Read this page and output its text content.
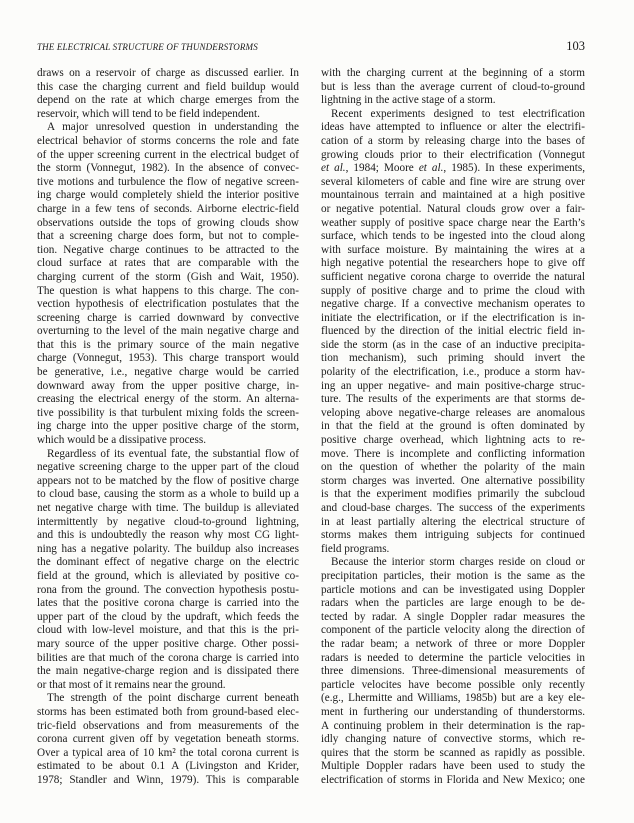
THE ELECTRICAL STRUCTURE OF THUNDERSTORMS	103
draws on a reservoir of charge as discussed earlier. In
this case the charging current and field buildup would
depend on the rate at which charge emerges from the
reservoir, which will tend to be field independent.
A major unresolved question in understanding the
electrical behavior of storms concerns the role and fate
of the upper screening current in the electrical budget of
the storm (Vonnegut, 1982). In the absence of convec-
tive motions and turbulence the flow of negative screen-
ing charge would completely shield the interior positive
charge in a few tens of seconds. Airborne electric-field
observations outside the tops of growing clouds show
that a screening charge does form, but not to comple-
tion. Negative charge continues to be attracted to the
cloud surface at rates that are comparable with the
charging current of the storm (Gish and Wait, 1950).
The question is what happens to this charge. The con-
vection hypothesis of electrification postulates that the
screening charge is carried downward by convective
overturning to the level of the main negative charge and
that this is the primary source of the main negative
charge (Vonnegut, 1953). This charge transport would
be generative, i.e., negative charge would be carried
downward away from the upper positive charge, in-
creasing the electrical energy of the storm. An alterna-
tive possibility is that turbulent mixing folds the screen-
ing charge into the upper positive charge of the storm,
which would be a dissipative process.
Regardless of its eventual fate, the substantial flow of
negative screening charge to the upper part of the cloud
appears not to be matched by the flow of positive charge
to cloud base, causing the storm as a whole to build up a
net negative charge with time. The buildup is alleviated
intermittently by negative cloud-to-ground lightning,
and this is undoubtedly the reason why most CG light-
ning has a negative polarity. The buildup also increases
the dominant effect of negative charge on the electric
field at the ground, which is alleviated by positive co-
rona from the ground. The convection hypothesis postu-
lates that the positive corona charge is carried into the
upper part of the cloud by the updraft, which feeds the
cloud with low-level moisture, and that this is the pri-
mary source of the upper positive charge. Other possi-
bilities are that much of the corona charge is carried into
the main negative-charge region and is dissipated there
or that most of it remains near the ground.
The strength of the point discharge current beneath
storms has been estimated both from ground-based elec-
tric-field observations and from measurements of the
corona current given off by vegetation beneath storms.
Over a typical area of 10 km² the total corona current is
estimated to be about 0.1 A (Livingston and Krider,
1978; Standler and Winn, 1979). This is comparable
with the charging current at the beginning of a storm
but is less than the average current of cloud-to-ground
lightning in the active stage of a storm.
Recent experiments designed to test electrification
ideas have attempted to influence or alter the electrifi-
cation of a storm by releasing charge into the bases of
growing clouds prior to their electrification (Vonnegut
et al., 1984; Moore et al., 1985). In these experiments,
several kilometers of cable and fine wire are strung over
mountainous terrain and maintained at a high positive
or negative potential. Natural clouds grow over a fair-
weather supply of positive space charge near the Earth’s
surface, which tends to be ingested into the cloud along
with surface moisture. By maintaining the wires at a
high negative potential the researchers hope to give off
sufficient negative corona charge to override the natural
supply of positive charge and to prime the cloud with
negative charge. If a convective mechanism operates to
initiate the electrification, or if the electrification is in-
fluenced by the direction of the initial electric field in-
side the storm (as in the case of an inductive precipita-
tion mechanism), such priming should invert the
polarity of the electrification, i.e., produce a storm hav-
ing an upper negative- and main positive-charge struc-
ture. The results of the experiments are that storms de-
veloping above negative-charge releases are anomalous
in that the field at the ground is often dominated by
positive charge overhead, which lightning acts to re-
move. There is incomplete and conflicting information
on the question of whether the polarity of the main
storm charges was inverted. One alternative possibility
is that the experiment modifies primarily the subcloud
and cloud-base charges. The success of the experiments
in at least partially altering the electrical structure of
storms makes them intriguing subjects for continued
field programs.
Because the interior storm charges reside on cloud or
precipitation particles, their motion is the same as the
particle motions and can be investigated using Doppler
radars when the particles are large enough to be de-
tected by radar. A single Doppler radar measures the
component of the particle velocity along the direction of
the radar beam; a network of three or more Doppler
radars is needed to determine the particle velocities in
three dimensions. Three-dimensional measurements of
particle velocites have become possible only recently
(e.g., Lhermitte and Williams, 1985b) but are a key ele-
ment in furthering our understanding of thunderstorms.
A continuing problem in their determination is the rap-
idly changing nature of convective storms, which re-
quires that the storm be scanned as rapidly as possible.
Multiple Doppler radars have been used to study the
electrification of storms in Florida and New Mexico; one
